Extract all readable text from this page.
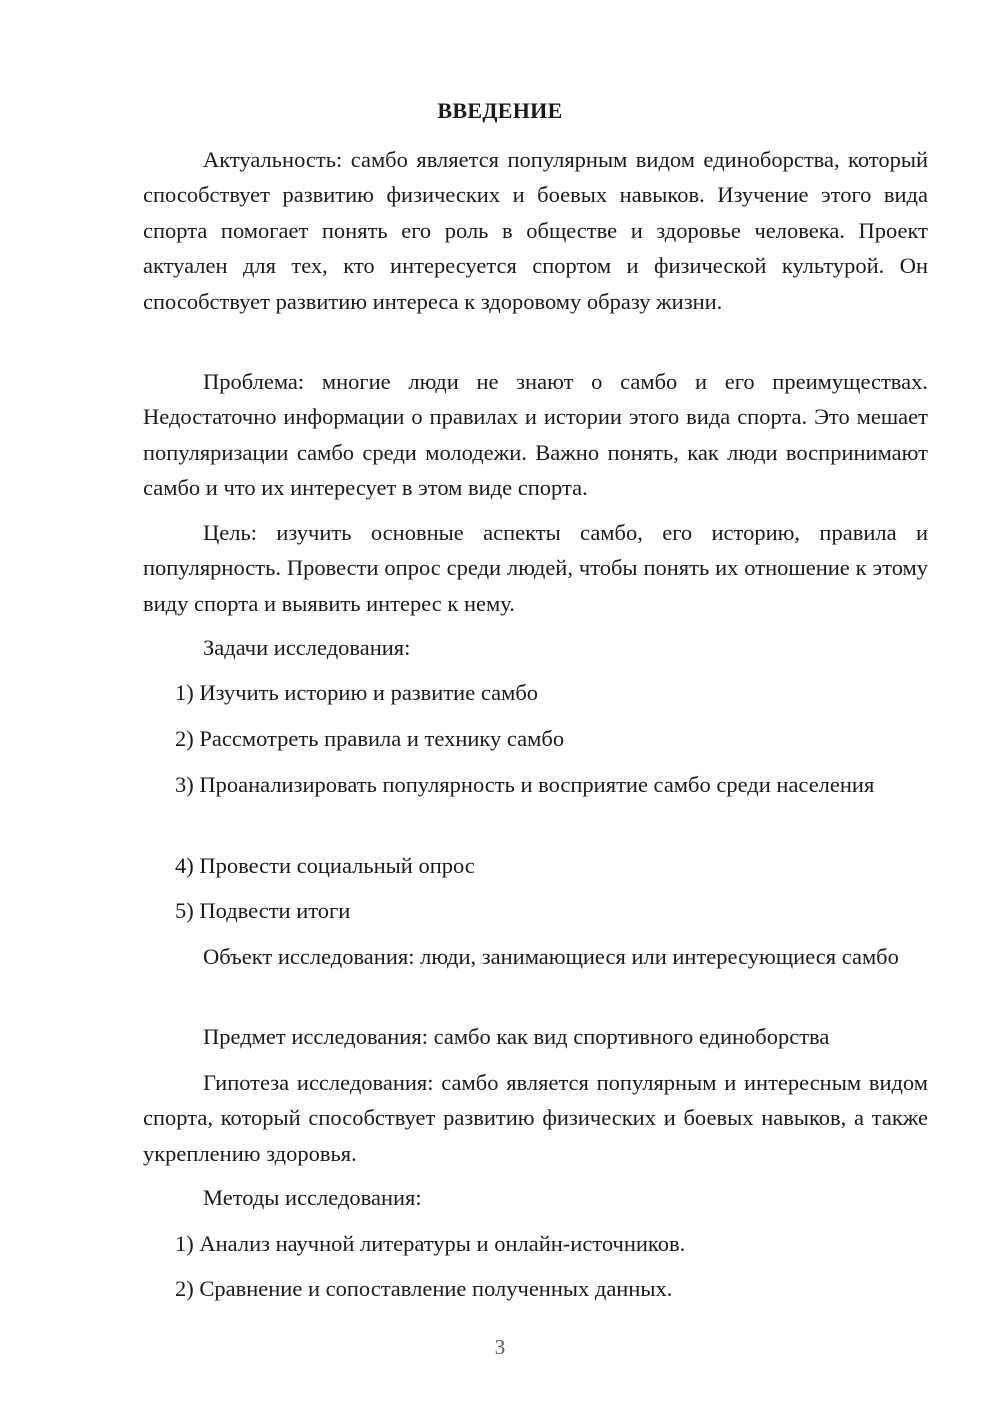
ВВЕДЕНИЕ

Актуальность: самбо является популярным видом единоборства, который способствует развитию физических и боевых навыков. Изучение этого вида спорта помогает понять его роль в обществе и здоровье человека. Проект актуален для тех, кто интересуется спортом и физической культурой. Он способствует развитию интереса к здоровому образу жизни.

Проблема: многие люди не знают о самбо и его преимуществах. Недостаточно информации о правилах и истории этого вида спорта. Это мешает популяризации самбо среди молодежи. Важно понять, как люди воспринимают самбо и что их интересует в этом виде спорта.

Цель: изучить основные аспекты самбо, его историю, правила и популярность. Провести опрос среди людей, чтобы понять их отношение к этому виду спорта и выявить интерес к нему.

Задачи исследования:

1) Изучить историю и развитие самбо

2) Рассмотреть правила и технику самбо

3) Проанализировать популярность и восприятие самбо среди населения

4) Провести социальный опрос

5) Подвести итоги

Объект исследования: люди, занимающиеся или интересующиеся самбо

Предмет исследования: самбо как вид спортивного единоборства

Гипотеза исследования: самбо является популярным и интересным видом спорта, который способствует развитию физических и боевых навыков, а также укреплению здоровья.

Методы исследования:

1) Анализ научной литературы и онлайн-источников.

2) Сравнение и сопоставление полученных данных.

3
